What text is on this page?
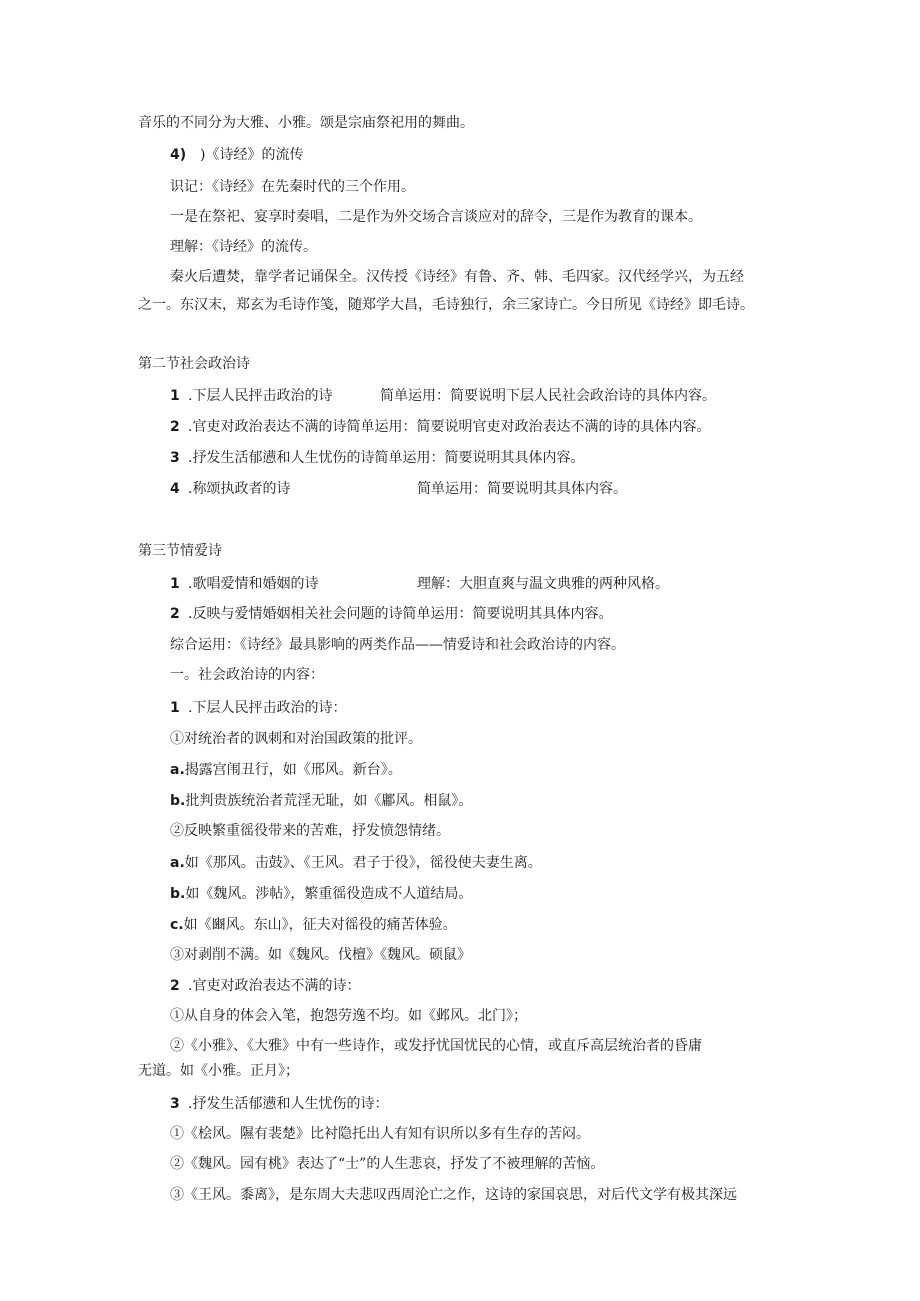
音乐的不同分为大雅、小雅。颂是宗庙祭祀用的舞曲。
4) )《诗经》的流传
识记：《诗经》在先秦时代的三个作用。
一是在祭祀、宴享时奏唱，二是作为外交场合言谈应对的辞令，三是作为教育的课本。
理解：《诗经》的流传。
秦火后遭焚，靠学者记诵保全。汉传授《诗经》有鲁、齐、韩、毛四家。汉代经学兴，为五经
之一。东汉末，郑玄为毛诗作笺，随郑学大昌，毛诗独行，余三家诗亡。今日所见《诗经》即毛诗。
第二节社会政治诗
1 .下层人民抨击政治的诗	简单运用：简要说明下层人民社会政治诗的具体内容。
2 .官吏对政治表达不满的诗简单运用：简要说明官吏对政治表达不满的诗的具体内容。
3 .抒发生活郁懑和人生忧伤的诗简单运用：简要说明其具体内容。
4 .称颂执政者的诗	简单运用：简要说明其具体内容。
第三节情爱诗
1 .歌唱爱情和婚姻的诗	理解：大胆直爽与温文典雅的两种风格。
2 .反映与爱情婚姻相关社会问题的诗简单运用：简要说明其具体内容。
综合运用：《诗经》最具影响的两类作品——情爱诗和社会政治诗的内容。
一。社会政治诗的内容：
1 .下层人民抨击政治的诗：
①对统治者的讽刺和对治国政策的批评。
a.揭露宫闱丑行，如《邢风。新台》。
b.批判贵族统治者荒淫无耻，如《鄘风。相鼠》。
②反映繁重徭役带来的苦难，抒发愤怨情绪。
a.如《那风。击鼓》、《王风。君子于役》，徭役使夫妻生离。
b.如《魏风。涉帖》，繁重徭役造成不人道结局。
c.如《豳风。东山》，征夫对徭役的痛苦体验。
③对剥削不满。如《魏风。伐檀》《魏风。硕鼠》
2 .官吏对政治表达不满的诗：
①从自身的体会入笔，抱怨劳逸不均。如《邺风。北门》；
②《小雅》、《大雅》中有一些诗作，或发抒忧国忧民的心情，或直斥高层统治者的昏庸
无道。如《小雅。正月》；
3 .抒发生活郁懑和人生忧伤的诗：
①《桧风。隰有裴楚》比衬隐托出人有知有识所以多有生存的苦闷。
②《魏风。园有桃》表达了“士”的人生悲哀，抒发了不被理解的苦恼。
③《王风。黍离》，是东周大夫悲叹西周沦亡之作，这诗的家国哀思，对后代文学有极其深远
